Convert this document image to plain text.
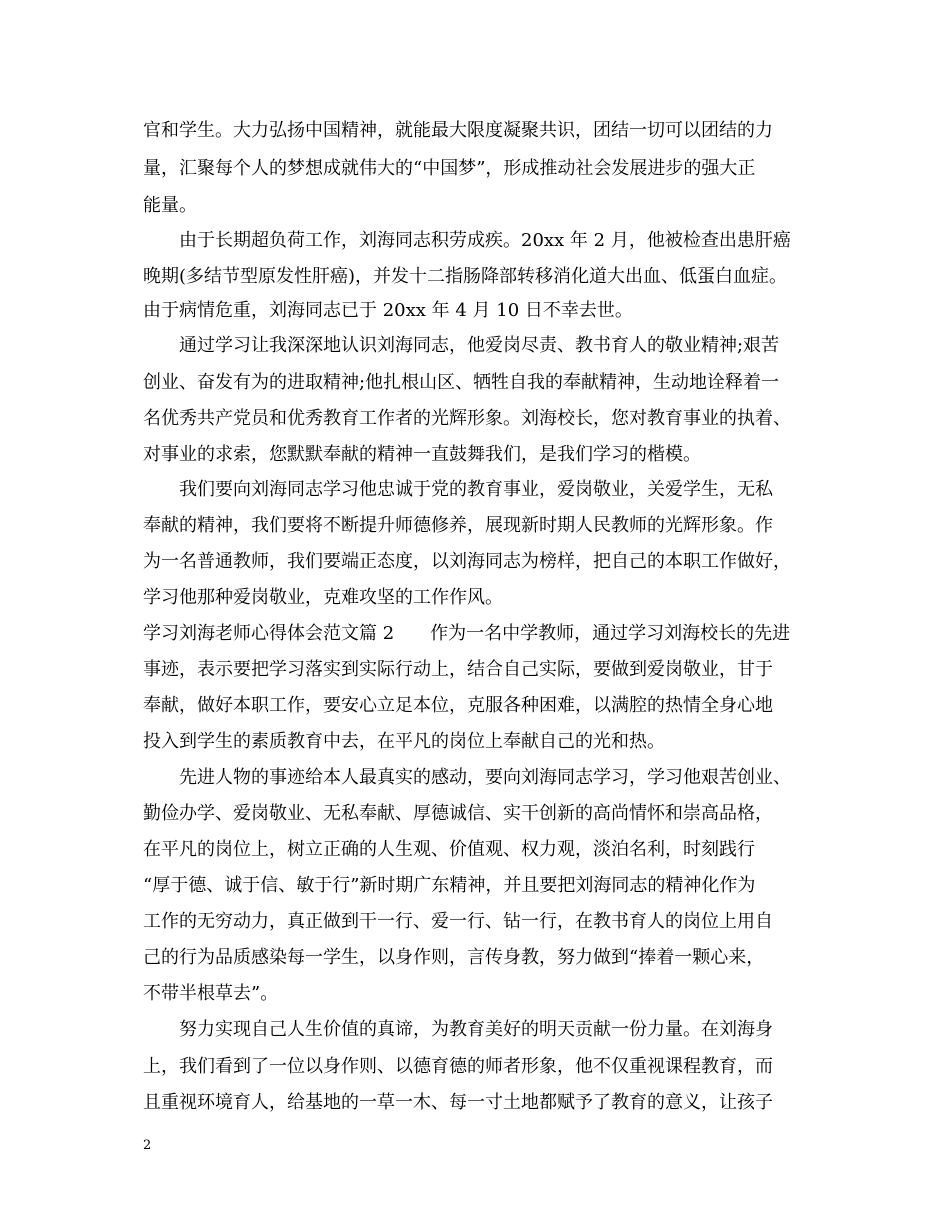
官和学生。大力弘扬中国精神，就能最大限度凝聚共识，团结一切可以团结的力
量，汇聚每个人的梦想成就伟大的“中国梦”，形成推动社会发展进步的强大正
能量。
由于长期超负荷工作，刘海同志积劳成疾。20xx 年 2 月，他被检查出患肝癌
晚期(多结节型原发性肝癌)，并发十二指肠降部转移消化道大出血、低蛋白血症。
由于病情危重，刘海同志已于 20xx 年 4 月 10 日不幸去世。
通过学习让我深深地认识刘海同志，他爱岗尽责、教书育人的敬业精神;艰苦
创业、奋发有为的进取精神;他扎根山区、牺牲自我的奉献精神，生动地诠释着一
名优秀共产党员和优秀教育工作者的光辉形象。刘海校长，您对教育事业的执着、
对事业的求索，您默默奉献的精神一直鼓舞我们，是我们学习的楷模。
我们要向刘海同志学习他忠诚于党的教育事业，爱岗敬业，关爱学生，无私
奉献的精神，我们要将不断提升师德修养，展现新时期人民教师的光辉形象。作
为一名普通教师，我们要端正态度，以刘海同志为榜样，把自己的本职工作做好，
学习他那种爱岗敬业，克难攻坚的工作作风。
学习刘海老师心得体会范文篇 2　　作为一名中学教师，通过学习刘海校长的先进
事迹，表示要把学习落实到实际行动上，结合自己实际，要做到爱岗敬业，甘于
奉献，做好本职工作，要安心立足本位，克服各种困难，以满腔的热情全身心地
投入到学生的素质教育中去，在平凡的岗位上奉献自己的光和热。
先进人物的事迹给本人最真实的感动，要向刘海同志学习，学习他艰苦创业、
勤俭办学、爱岗敬业、无私奉献、厚德诚信、实干创新的高尚情怀和崇高品格，
在平凡的岗位上，树立正确的人生观、价值观、权力观，淡泊名利，时刻践行
“厚于德、诚于信、敏于行”新时期广东精神，并且要把刘海同志的精神化作为
工作的无穷动力，真正做到干一行、爱一行、钻一行，在教书育人的岗位上用自
己的行为品质感染每一学生，以身作则，言传身教，努力做到“捧着一颗心来，
不带半根草去”。
努力实现自己人生价值的真谛，为教育美好的明天贡献一份力量。在刘海身
上，我们看到了一位以身作则、以德育德的师者形象，他不仅重视课程教育，而
且重视环境育人，给基地的一草一木、每一寸土地都赋予了教育的意义，让孩子
2
